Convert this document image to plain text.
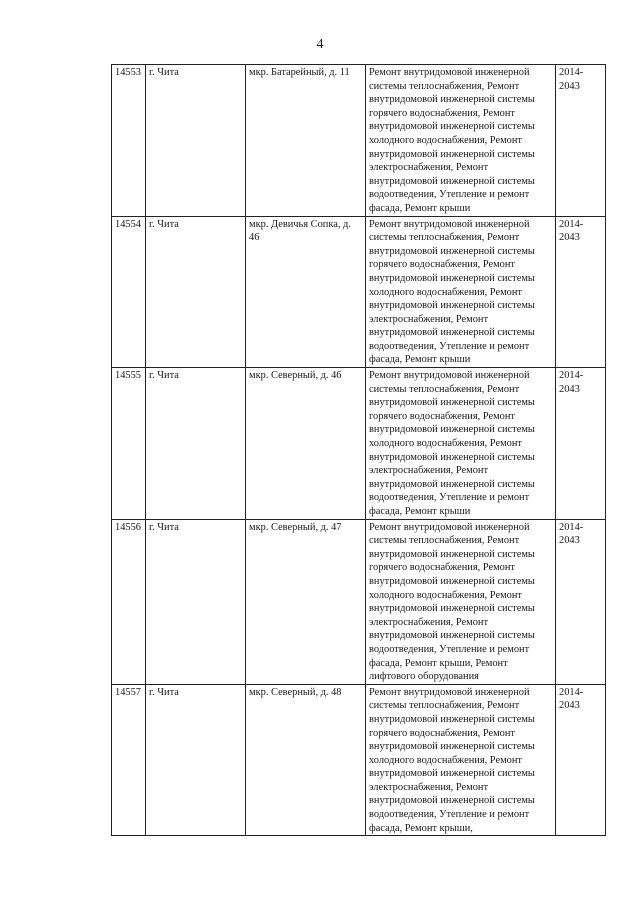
4
14553	г. Чита	мкр. Батарейный, д. 11	Ремонт внутридомовой инженерной системы теплоснабжения, Ремонт внутридомовой инженерной системы горячего водоснабжения, Ремонт внутридомовой инженерной системы холодного водоснабжения, Ремонт внутридомовой инженерной системы электроснабжения, Ремонт внутридомовой инженерной системы водоотведения, Утепление и ремонт фасада, Ремонт крыши	2014-2043
14554	г. Чита	мкр. Девичья Сопка, д. 46	Ремонт внутридомовой инженерной системы теплоснабжения, Ремонт внутридомовой инженерной системы горячего водоснабжения, Ремонт внутридомовой инженерной системы холодного водоснабжения, Ремонт внутридомовой инженерной системы электроснабжения, Ремонт внутридомовой инженерной системы водоотведения, Утепление и ремонт фасада, Ремонт крыши	2014-2043
14555	г. Чита	мкр. Северный, д. 46	Ремонт внутридомовой инженерной системы теплоснабжения, Ремонт внутридомовой инженерной системы горячего водоснабжения, Ремонт внутридомовой инженерной системы холодного водоснабжения, Ремонт внутридомовой инженерной системы электроснабжения, Ремонт внутридомовой инженерной системы водоотведения, Утепление и ремонт фасада, Ремонт крыши	2014-2043
14556	г. Чита	мкр. Северный, д. 47	Ремонт внутридомовой инженерной системы теплоснабжения, Ремонт внутридомовой инженерной системы горячего водоснабжения, Ремонт внутридомовой инженерной системы холодного водоснабжения, Ремонт внутридомовой инженерной системы электроснабжения, Ремонт внутридомовой инженерной системы водоотведения, Утепление и ремонт фасада, Ремонт крыши, Ремонт лифтового оборудования	2014-2043
14557	г. Чита	мкр. Северный, д. 48	Ремонт внутридомовой инженерной системы теплоснабжения, Ремонт внутридомовой инженерной системы горячего водоснабжения, Ремонт внутридомовой инженерной системы холодного водоснабжения, Ремонт внутридомовой инженерной системы электроснабжения, Ремонт внутридомовой инженерной системы водоотведения, Утепление и ремонт фасада, Ремонт крыши,	2014-2043
